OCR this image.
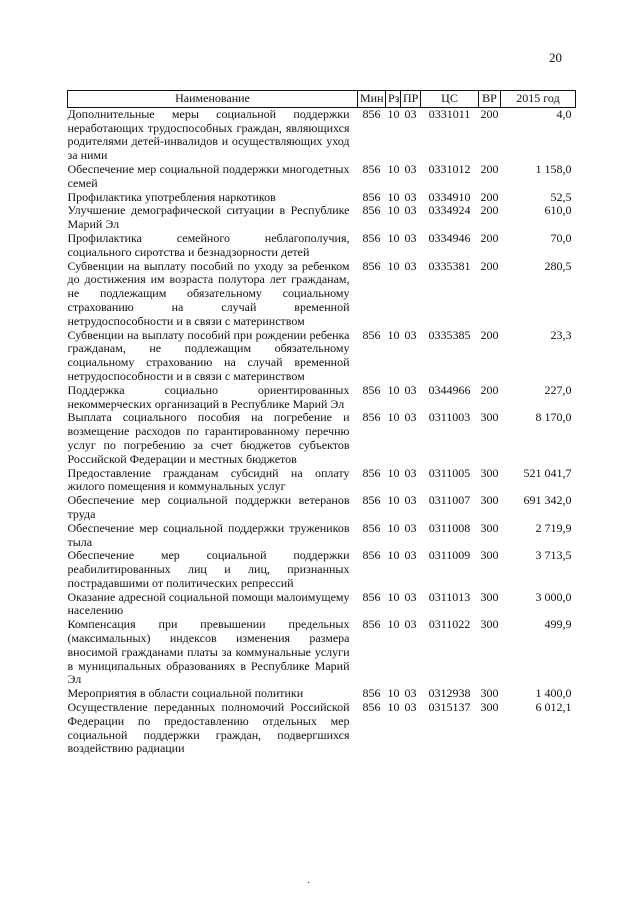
20
Наименование	Мин	Рз	ПР	ЦС	ВР	2015 год
Дополнительные меры социальной поддержки неработающих трудоспособных граждан, являющихся родителями детей-инвалидов и осуществляющих уход за ними	856	10	03	0331011	200	4,0
Обеспечение мер социальной поддержки многодетных семей	856	10	03	0331012	200	1 158,0
Профилактика употребления наркотиков	856	10	03	0334910	200	52,5
Улучшение демографической ситуации в Республике Марий Эл	856	10	03	0334924	200	610,0
Профилактика семейного неблагополучия, социального сиротства и безнадзорности детей	856	10	03	0334946	200	70,0
Субвенции на выплату пособий по уходу за ребенком до достижения им возраста полутора лет гражданам, не подлежащим обязательному социальному страхованию на случай временной нетрудоспособности и в связи с материнством	856	10	03	0335381	200	280,5
Субвенции на выплату пособий при рождении ребенка гражданам, не подлежащим обязательному социальному страхованию на случай временной нетрудоспособности и в связи с материнством	856	10	03	0335385	200	23,3
Поддержка социально ориентированных некоммерческих организаций в Республике Марий Эл	856	10	03	0344966	200	227,0
Выплата социального пособия на погребение и возмещение расходов по гарантированному перечню услуг по погребению за счет бюджетов субъектов Российской Федерации и местных бюджетов	856	10	03	0311003	300	8 170,0
Предоставление гражданам субсидий на оплату жилого помещения и коммунальных услуг	856	10	03	0311005	300	521 041,7
Обеспечение мер социальной поддержки ветеранов труда	856	10	03	0311007	300	691 342,0
Обеспечение мер социальной поддержки тружеников тыла	856	10	03	0311008	300	2 719,9
Обеспечение мер социальной поддержки реабилитированных лиц и лиц, признанных пострадавшими от политических репрессий	856	10	03	0311009	300	3 713,5
Оказание адресной социальной помощи малоимущему населению	856	10	03	0311013	300	3 000,0
Компенсация при превышении предельных (максимальных) индексов изменения размера вносимой гражданами платы за коммунальные услуги в муниципальных образованиях в Республике Марий Эл	856	10	03	0311022	300	499,9
Мероприятия в области социальной политики	856	10	03	0312938	300	1 400,0
Осуществление переданных полномочий Российской Федерации по предоставлению отдельных мер социальной поддержки граждан, подвергшихся воздействию радиации	856	10	03	0315137	300	6 012,1
·
